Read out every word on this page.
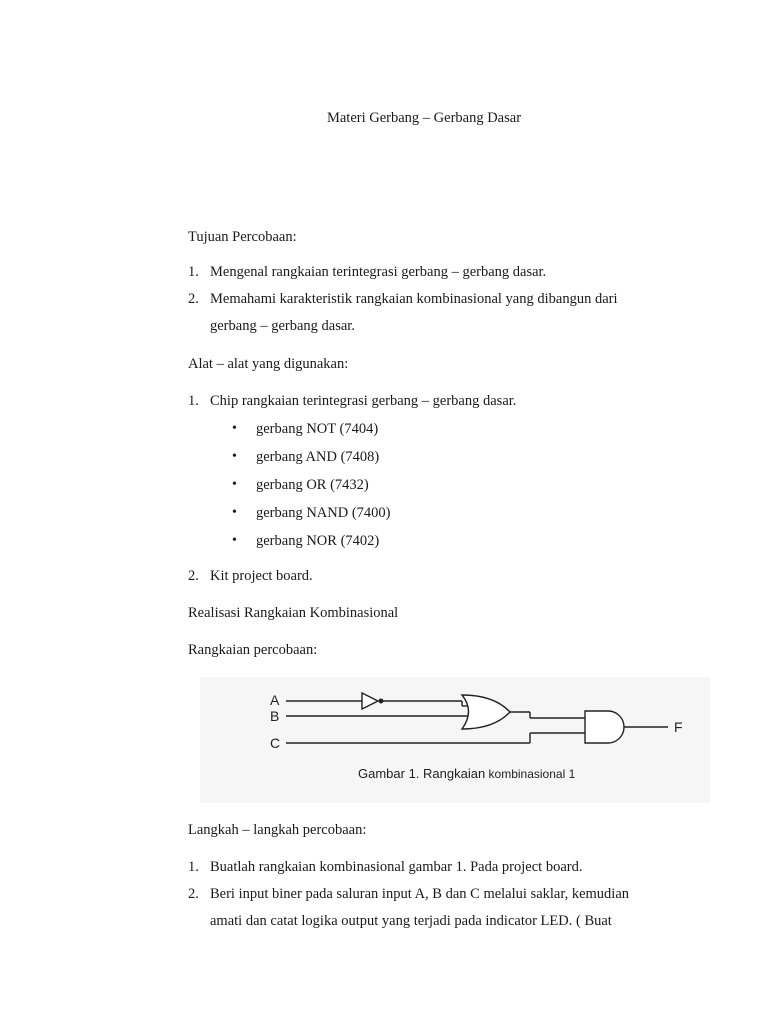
Materi Gerbang – Gerbang Dasar
Tujuan Percobaan:
1. Mengenal rangkaian terintegrasi gerbang – gerbang dasar.
2. Memahami karakteristik rangkaian kombinasional yang dibangun dari
gerbang – gerbang dasar.
Alat – alat yang digunakan:
1. Chip rangkaian terintegrasi gerbang – gerbang dasar.
• gerbang NOT (7404)
• gerbang AND (7408)
• gerbang OR (7432)
• gerbang NAND (7400)
• gerbang NOR (7402)
2. Kit project board.
Realisasi Rangkaian Kombinasional
Rangkaian percobaan:
A
B
C
F
Gambar 1. Rangkaian kombinasional 1
Langkah – langkah percobaan:
1. Buatlah rangkaian kombinasional gambar 1. Pada project board.
2. Beri input biner pada saluran input A, B dan C melalui saklar, kemudian
amati dan catat logika output yang terjadi pada indicator LED. ( Buat
